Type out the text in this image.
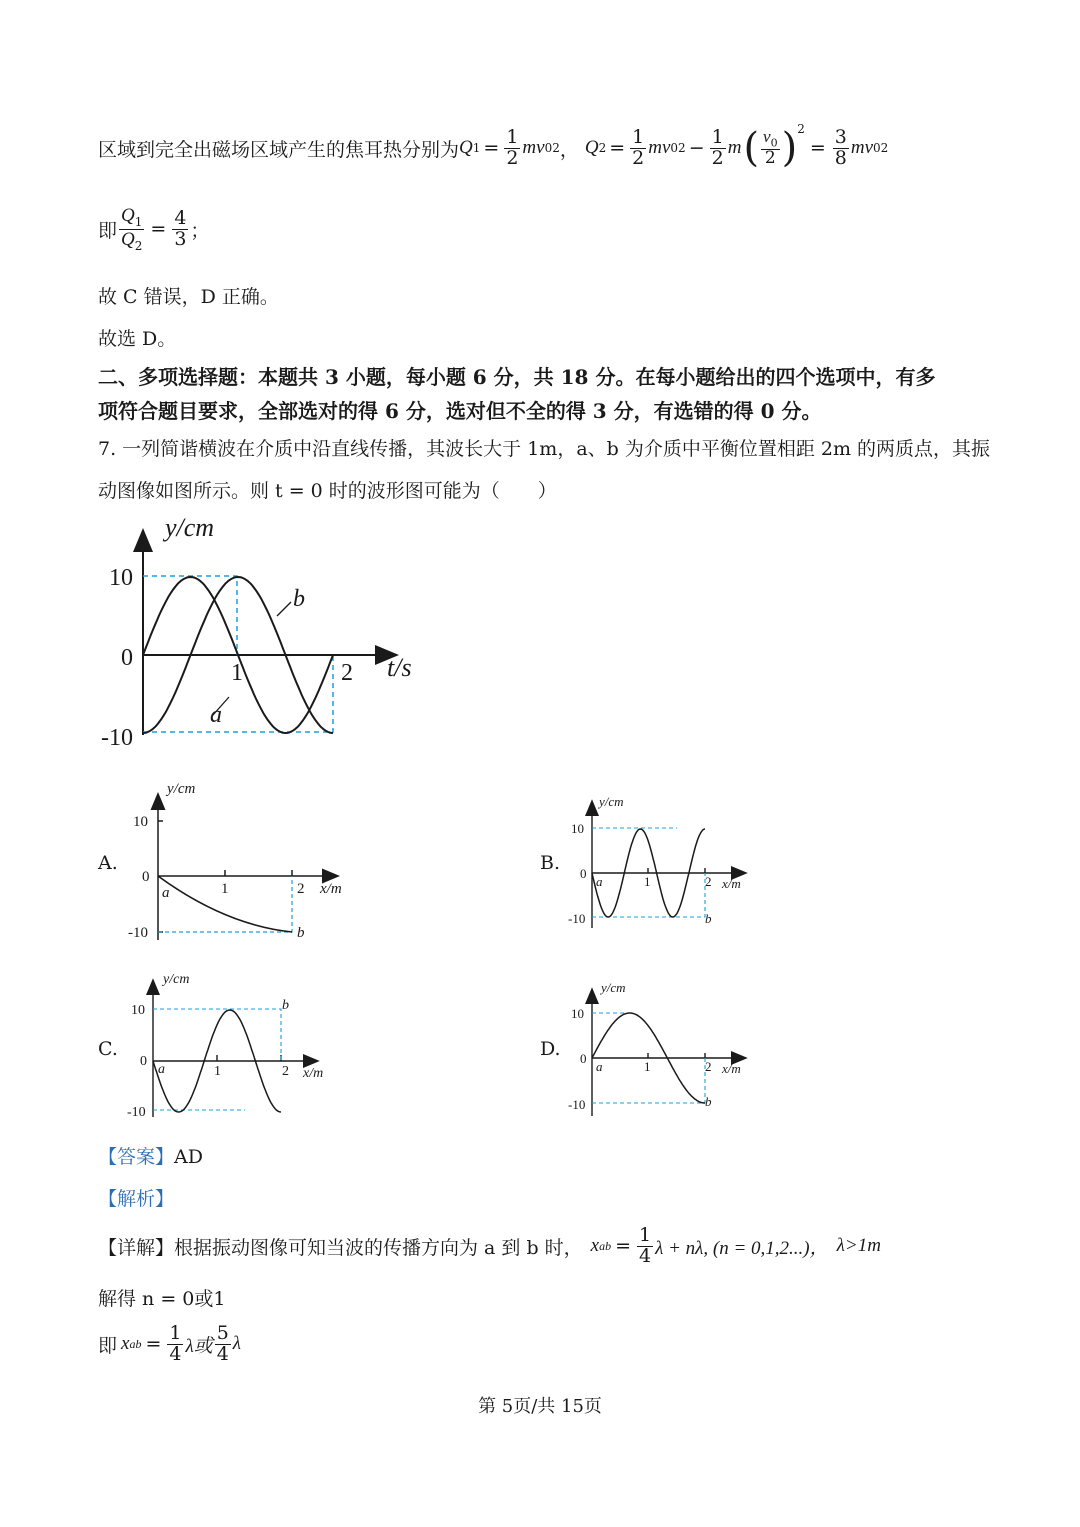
区域到完全出磁场区域产生的焦耳热分别为 Q $1 = \frac{1}{2}$ mv 0 2 ， Q $2 = \frac{1}{2}$ mv 0 $2 - \frac{1}{2}$ m ( $\frac{v_0}{2} )^2$
= $\frac{3}{8}$ mv 0 2
即 $\frac{Q_1}{Q_2} = \frac{4}{3}$ ；
故 C 错误，D 正确。
故选 D。
二、多项选择题：本题共 3 小题，每小题 6 分，共 18 分。在每小题给出的四个选项中，有多
项符合题目要求，全部选对的得 6 分，选对但不全的得 3 分，有选错的得 0 分。
7. 一列简谐横波在介质中沿直线传播，其波长大于 1m，a、b 为介质中平衡位置相距 2m 的两质点，其振
动图像如图所示。则 t = 0 时的波形图可能为（　　）
y/cm
t/s
10
0
-10
1	2
a
b
A.
y/cm
10
0
-10
1	2 x/m
a
b
B.
y/cm
10
0
-10
1	2 x/m
a
b
C.
y/cm
10
0
-10
1	2 x/m
a
b
D.
y/cm
10
0
-10
1	2 x/m
a
b
【答案】AD
【解析】
【详解】 根据振动图像可知当波的传播方向为 a 到 b 时， x ab = $\frac{1}{4}$ λ + nλ, (n = 0,1,2...)， λ>1m
解得 n = 0或1
即 x ab = $\frac{1}{4}$ λ或 $\frac{5}{4}$ λ
第 5页/共 15页
